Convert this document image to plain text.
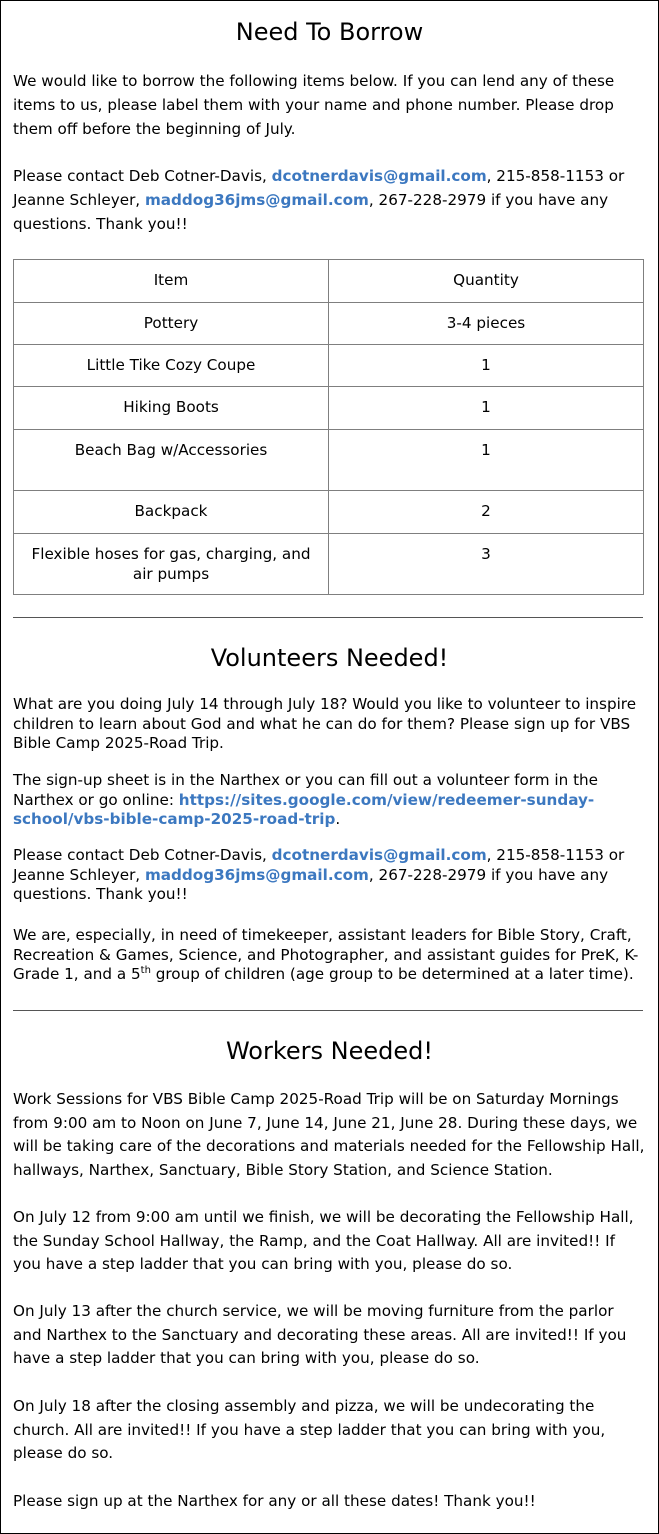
Need To Borrow

We would like to borrow the following items below. If you can lend any of these items to us, please label them with your name and phone number. Please drop them off before the beginning of July.

Please contact Deb Cotner-Davis, dcotnerdavis@gmail.com, 215-858-1153 or Jeanne Schleyer, maddog36jms@gmail.com, 267-228-2979 if you have any
questions. Thank you!!

Item	Quantity
Pottery	3-4 pieces
Little Tike Cozy Coupe	1
Hiking Boots	1
Beach Bag w/Accessories	1
Backpack	2
Flexible hoses for gas, charging, and air pumps	3
Volunteers Needed!

What are you doing July 14 through July 18? Would you like to volunteer to inspire children to learn about God and what he can do for them? Please sign up for VBS Bible Camp 2025-Road Trip.

The sign-up sheet is in the Narthex or you can fill out a volunteer form in the Narthex or go online: https://sites.google.com/view/redeemer-sunday-school/vbs-bible-camp-2025-road-trip.

Please contact Deb Cotner-Davis, dcotnerdavis@gmail.com, 215-858-1153 or Jeanne Schleyer, maddog36jms@gmail.com, 267-228-2979 if you have any
questions. Thank you!!

We are, especially, in need of timekeeper, assistant leaders for Bible Story, Craft, Recreation & Games, Science, and Photographer, and assistant guides for PreK, K-Grade 1, and a 5th group of children (age group to be determined at a later time).

Workers Needed!

Work Sessions for VBS Bible Camp 2025-Road Trip will be on Saturday Mornings from 9:00 am to Noon on June 7, June 14, June 21, June 28. During these days, we will be taking care of the decorations and materials needed for the Fellowship Hall, hallways, Narthex, Sanctuary, Bible Story Station, and Science Station.

On July 12 from 9:00 am until we finish, we will be decorating the Fellowship Hall, the Sunday School Hallway, the Ramp, and the Coat Hallway. All are invited!! If you have a step ladder that you can bring with you, please do so.

On July 13 after the church service, we will be moving furniture from the parlor and Narthex to the Sanctuary and decorating these areas. All are invited!! If you have a step ladder that you can bring with you, please do so.

On July 18 after the closing assembly and pizza, we will be undecorating the
church. All are invited!! If you have a step ladder that you can bring with you, please do so.

Please sign up at the Narthex for any or all these dates! Thank you!!
